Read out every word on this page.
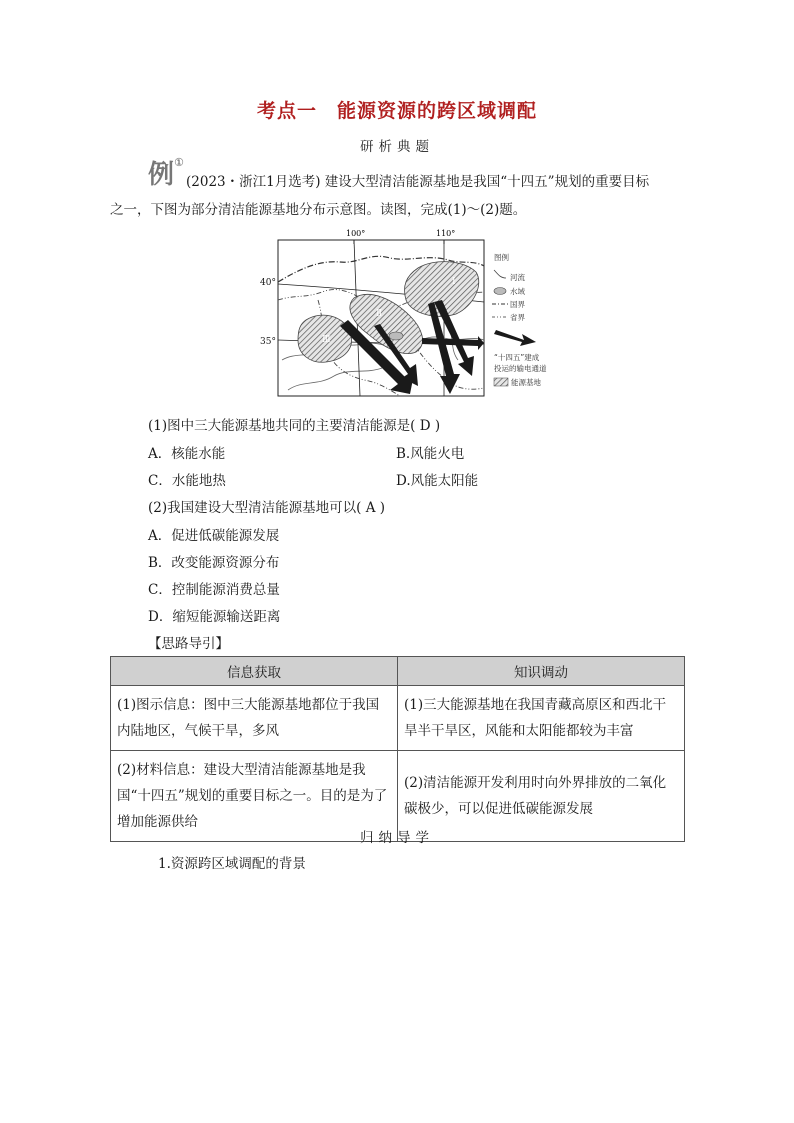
考点一　能源资源的跨区域调配
研析典题
例①
(2023・浙江1月选考) 建设大型清洁能源基地是我国“十四五”规划的重要目标
之一，下图为部分清洁能源基地分布示意图。读图，完成(1)～(2)题。
Ⅰ
Ⅱ
Ⅲ
100°	110°
图例
河流
水域
国界
省界
“十四五”建成
投运的输电通道
能源基地
40°
35°
(1)图中三大能源基地共同的主要清洁能源是( D )
A．核能水能	B.风能火电
C．水能地热	D.风能太阳能
(2)我国建设大型清洁能源基地可以( A )
A．促进低碳能源发展
B．改变能源资源分布
C．控制能源消费总量
D．缩短能源输送距离
【思路导引】
信息获取	知识调动
(1)图示信息：图中三大能源基地都位于我国内陆地区，气候干旱，多风	(1)三大能源基地在我国青藏高原区和西北干旱半干旱区，风能和太阳能都较为丰富
(2)材料信息：建设大型清洁能源基地是我国“十四五”规划的重要目标之一。目的是为了增加能源供给	(2)清洁能源开发利用时向外界排放的二氧化碳极少，可以促进低碳能源发展
归纳导学
1.资源跨区域调配的背景
